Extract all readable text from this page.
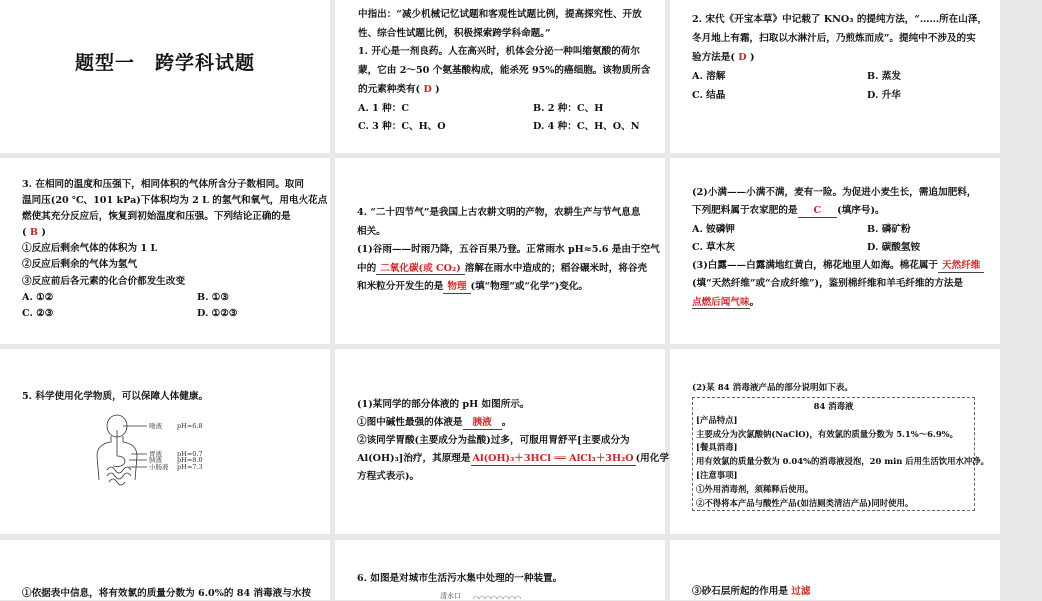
题型一　跨学科试题

中指出：“减少机械记忆试题和客观性试题比例，提高探究性、开放

性、综合性试题比例，积极探索跨学科命题。”

1. 开心是一剂良药。人在高兴时，机体会分泌一种叫缩氨酸的荷尔

蒙，它由 2～50 个氨基酸构成，能杀死 95%的癌细胞。该物质所含

的元素种类有( D )

A. 1 种：C	B. 2 种：C、H

C. 3 种：C、H、O	D. 4 种：C、H、O、N

2. 宋代《开宝本草》中记载了 KNO₃ 的提纯方法，“……所在山泽，

冬月地上有霜，扫取以水淋汁后，乃煎炼而成”。提纯中不涉及的实

验方法是( D )

A. 溶解	B. 蒸发

C. 结晶	D. 升华

3. 在相同的温度和压强下，相同体积的气体所含分子数相同。取同

温同压(20 ℃、101 kPa)下体积均为 2 L 的氢气和氧气，用电火花点

燃使其充分反应后，恢复到初始温度和压强。下列结论正确的是

( B )

①反应后剩余气体的体积为 1 L

②反应后剩余的气体为氢气

③反应前后各元素的化合价都发生改变

A. ①②	B. ①③

C. ②③	D. ①②③

4. “二十四节气”是我国上古农耕文明的产物，农耕生产与节气息息

相关。

(1)谷雨——时雨乃降，五谷百果乃登。正常雨水 pH≈5.6 是由于空气

中的 二氧化碳(或 CO₂) 溶解在雨水中造成的；稻谷碾米时，将谷壳

和米粒分开发生的是 物理 (填“物理”或“化学”)变化。

(2)小满——小满不满，麦有一险。为促进小麦生长，需追加肥料，

下列肥料属于农家肥的是 C (填序号)。

A. 铵磷钾	B. 磷矿粉

C. 草木灰	D. 碳酸氢铵

(3)白露——白露满地红黄白，棉花地里人如海。棉花属于 天然纤维

(填“天然纤维”或“合成纤维”)，鉴别棉纤维和羊毛纤维的方法是

点燃后闻气味。

5. 科学使用化学物质，可以保障人体健康。
唾液 pH=6.8
胃液 pH=0.7
胰液 pH=8.0
小肠液 pH=7.3

(1)某同学的部分体液的 pH 如图所示。

①图中碱性最强的体液是 胰液 。

②该同学胃酸(主要成分为盐酸)过多，可服用胃舒平[主要成分为

Al(OH)₃]治疗，其原理是 Al(OH)₃＋3HCl ══ AlCl₃＋3H₂O (用化学

方程式表示)。

(2)某 84 消毒液产品的部分说明如下表。
84 消毒液
[产品特点]
主要成分为次氯酸钠(NaClO)，有效氯的质量分数为 5.1%～6.9%。
[餐具消毒]
用有效氯的质量分数为 0.04%的消毒液浸泡，20 min 后用生活饮用水冲净。
[注意事项]
①外用消毒剂，须稀释后使用。
②不得将本产品与酸性产品(如洁厕类清洁产品)同时使用。
①依据表中信息，将有效氯的质量分数为 6.0%的 84 消毒液与水按
6. 如图是对城市生活污水集中处理的一种装置。
清水口	③砂石层所起的作用是 过滤
